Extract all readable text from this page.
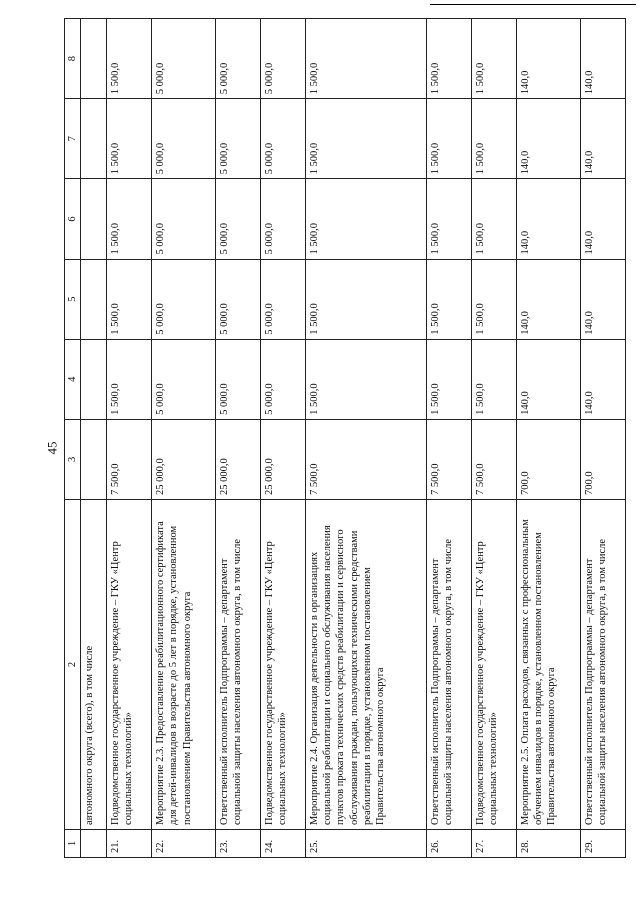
45
1	2	3	4	5	6	7	8
	автономного округа (всего), в том числе						
21.	Подведомственное государственное учреждение – ГКУ «Центр социальных технологий»	7 500,0	1 500,0	1 500,0	1 500,0	1 500,0	1 500,0
22.	Мероприятие 2.3. Предоставление реабилитационного сертификата для детей-инвалидов в возрасте до 5 лет в порядке, установленном постановлением Правительства автономного округа	25 000,0	5 000,0	5 000,0	5 000,0	5 000,0	5 000,0
23.	Ответственный исполнитель Подпрограммы – департамент социальной защиты населения автономного округа, в том числе	25 000,0	5 000,0	5 000,0	5 000,0	5 000,0	5 000,0
24.	Подведомственное государственное учреждение – ГКУ «Центр социальных технологий»	25 000,0	5 000,0	5 000,0	5 000,0	5 000,0	5 000,0
25.	Мероприятие 2.4. Организация деятельности в организациях социальной реабилитации и социального обслуживания населения пунктов проката технических средств реабилитации и сервисного обслуживания граждан, пользующихся техническими средствами реабилитации в порядке, установленном постановлением Правительства автономного округа	7 500,0	1 500,0	1 500,0	1 500,0	1 500,0	1 500,0
26.	Ответственный исполнитель Подпрограммы – департамент социальной защиты населения автономного округа, в том числе	7 500,0	1 500,0	1 500,0	1 500,0	1 500,0	1 500,0
27.	Подведомственное государственное учреждение – ГКУ «Центр социальных технологий»	7 500,0	1 500,0	1 500,0	1 500,0	1 500,0	1 500,0
28.	Мероприятие 2.5. Оплата расходов, связанных с профессиональным обучением инвалидов в порядке, установленном постановлением Правительства автономного округа	700,0	140,0	140,0	140,0	140,0	140,0
29.	Ответственный исполнитель Подпрограммы – департамент социальной защиты населения автономного округа, в том числе	700,0	140,0	140,0	140,0	140,0	140,0
